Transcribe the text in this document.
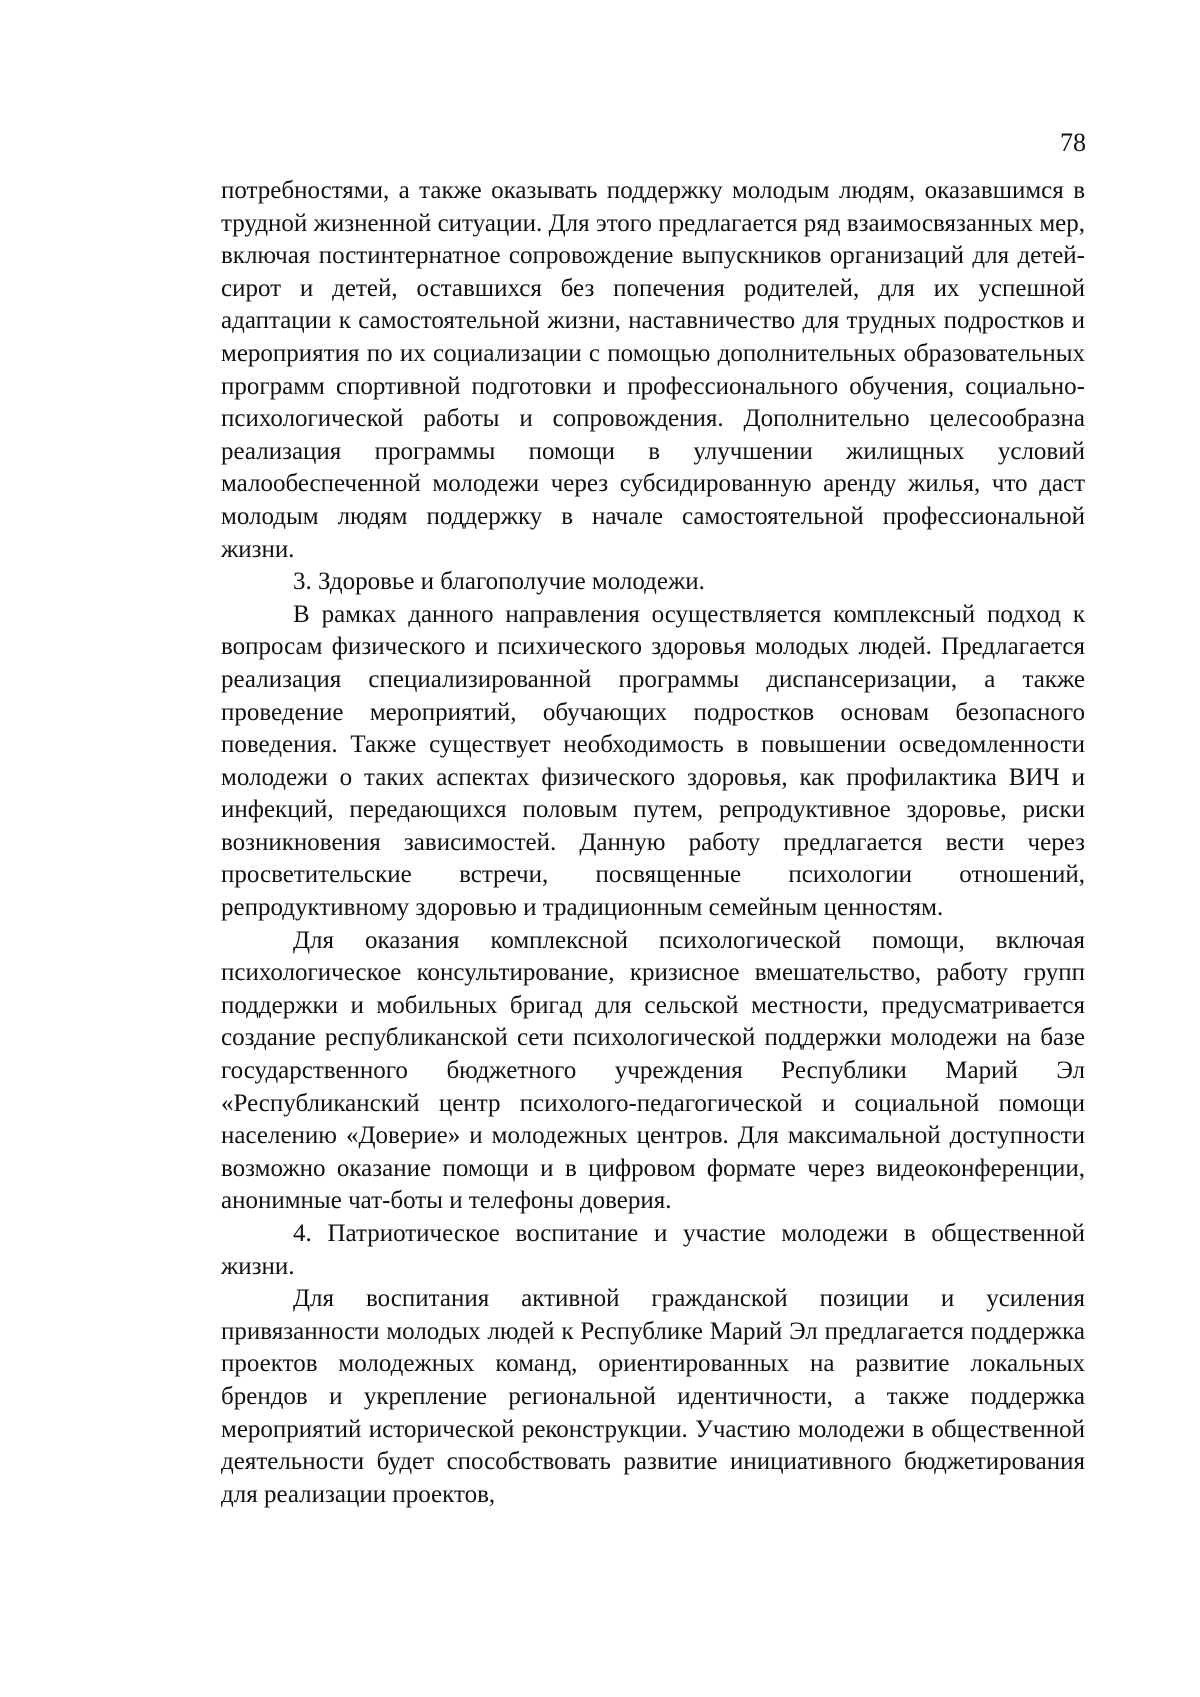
78

потребностями, а также оказывать поддержку молодым людям, оказавшимся в трудной жизненной ситуации. Для этого предлагается ряд взаимосвязанных мер, включая постинтернатное сопровождение выпускников организаций для детей-сирот и детей, оставшихся без попечения родителей, для их успешной адаптации к самостоятельной жизни, наставничество для трудных подростков и мероприятия по их социализации с помощью дополнительных образовательных программ спортивной подготовки и профессионального обучения, социально-психологической работы и сопровождения. Дополнительно целесообразна реализация программы помощи в улучшении жилищных условий малообеспеченной молодежи через субсидированную аренду жилья, что даст молодым людям поддержку в начале самостоятельной профессиональной жизни.

3. Здоровье и благополучие молодежи.

В рамках данного направления осуществляется комплексный подход к вопросам физического и психического здоровья молодых людей. Предлагается реализация специализированной программы диспансеризации, а также проведение мероприятий, обучающих подростков основам безопасного поведения. Также существует необходимость в повышении осведомленности молодежи о таких аспектах физического здоровья, как профилактика ВИЧ и инфекций, передающихся половым путем, репродуктивное здоровье, риски возникновения зависимостей. Данную работу предлагается вести через просветительские встречи, посвященные психологии отношений, репродуктивному здоровью и традиционным семейным ценностям.

Для оказания комплексной психологической помощи, включая психологическое консультирование, кризисное вмешательство, работу групп поддержки и мобильных бригад для сельской местности, предусматривается создание республиканской сети психологической поддержки молодежи на базе государственного бюджетного учреждения Республики Марий Эл «Республиканский центр психолого-педагогической и социальной помощи населению «Доверие» и молодежных центров. Для максимальной доступности возможно оказание помощи и в цифровом формате через видеоконференции, анонимные чат-боты и телефоны доверия.

4. Патриотическое воспитание и участие молодежи в общественной жизни.

Для воспитания активной гражданской позиции и усиления привязанности молодых людей к Республике Марий Эл предлагается поддержка проектов молодежных команд, ориентированных на развитие локальных брендов и укрепление региональной идентичности, а также поддержка мероприятий исторической реконструкции. Участию молодежи в общественной деятельности будет способствовать развитие инициативного бюджетирования для реализации проектов,
